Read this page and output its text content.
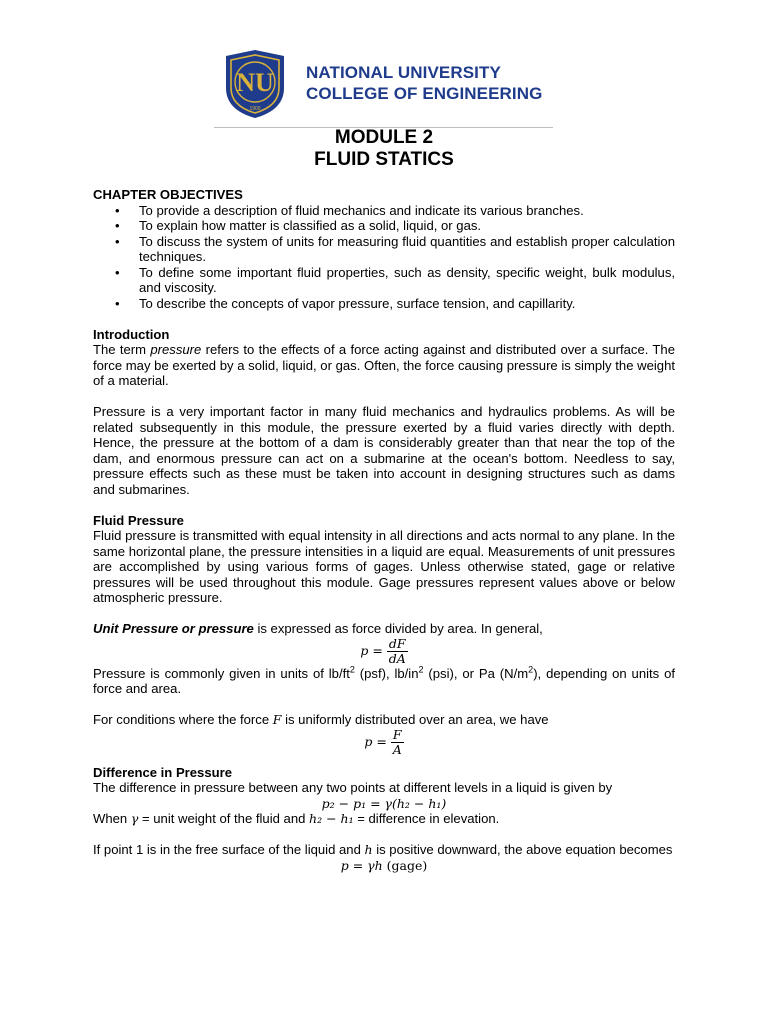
NU
1900
NATIONAL UNIVERSITY
COLLEGE OF ENGINEERING
MODULE 2
FLUID STATICS
CHAPTER OBJECTIVES
• To provide a description of fluid mechanics and indicate its various branches.
• To explain how matter is classified as a solid, liquid, or gas.
• To discuss the system of units for measuring fluid quantities and establish proper calculation techniques.
• To define some important fluid properties, such as density, specific weight, bulk modulus, and viscosity.
• To describe the concepts of vapor pressure, surface tension, and capillarity.
Introduction

The term pressure refers to the effects of a force acting against and distributed over a surface. The force may be exerted by a solid, liquid, or gas. Often, the force causing pressure is simply the weight of a material.

Pressure is a very important factor in many fluid mechanics and hydraulics problems. As will be related subsequently in this module, the pressure exerted by a fluid varies directly with depth. Hence, the pressure at the bottom of a dam is considerably greater than that near the top of the dam, and enormous pressure can act on a submarine at the ocean's bottom. Needless to say, pressure effects such as these must be taken into account in designing structures such as dams and submarines.

Fluid Pressure

Fluid pressure is transmitted with equal intensity in all directions and acts normal to any plane. In the same horizontal plane, the pressure intensities in a liquid are equal. Measurements of unit pressures are accomplished by using various forms of gages. Unless otherwise stated, gage or relative pressures will be used throughout this module. Gage pressures represent values above or below atmospheric pressure.

Unit Pressure or pressure is expressed as force divided by area. In general,

$p = \frac{dF}{dA}$

Pressure is commonly given in units of $lb/ft^2$ (psf), $lb/in^2$ (psi), or Pa $(N/m^2)$, depending on units of force and area.

For conditions where the force F is uniformly distributed over an area, we have

$p = \frac{F}{A}$
Difference in Pressure

The difference in pressure between any two points at different levels in a liquid is given by

p₂ − p₁ = γ(h₂ − h₁)

When γ = unit weight of the fluid and h₂ − h₁ = difference in elevation.

If point 1 is in the free surface of the liquid and h is positive downward, the above equation becomes

p = γh (gage)
